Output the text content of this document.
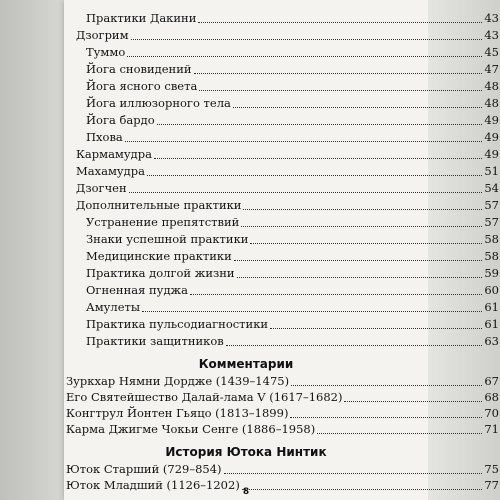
Практики Дакини	43
Дзогрим	43
Туммо	45
Йога сновидений	47
Йога ясного света	48
Йога иллюзорного тела	48
Йога бардо	49
Пхова	49
Кармамудра	49
Махамудра	51
Дзогчен	54
Дополнительные практики	57
Устранение препятствий	57
Знаки успешной практики	58
Медицинские практики	58
Практика долгой жизни	59
Огненная пуджа	60
Амулеты	61
Практика пульсодиагностики	61
Практики защитников	63
Комментарии
Зуркхар Нямни Дордже (1439–1475)	67
Его Святейшество Далай-лама V (1617–1682)	68
Конгтрул Йонтен Гьяцо (1813–1899)	70
Карма Джигме Чокьи Сенге (1886–1958)	71
История Ютока Нинтик
8
Юток Старший (729–854)	75
Юток Младший (1126–1202)	77
